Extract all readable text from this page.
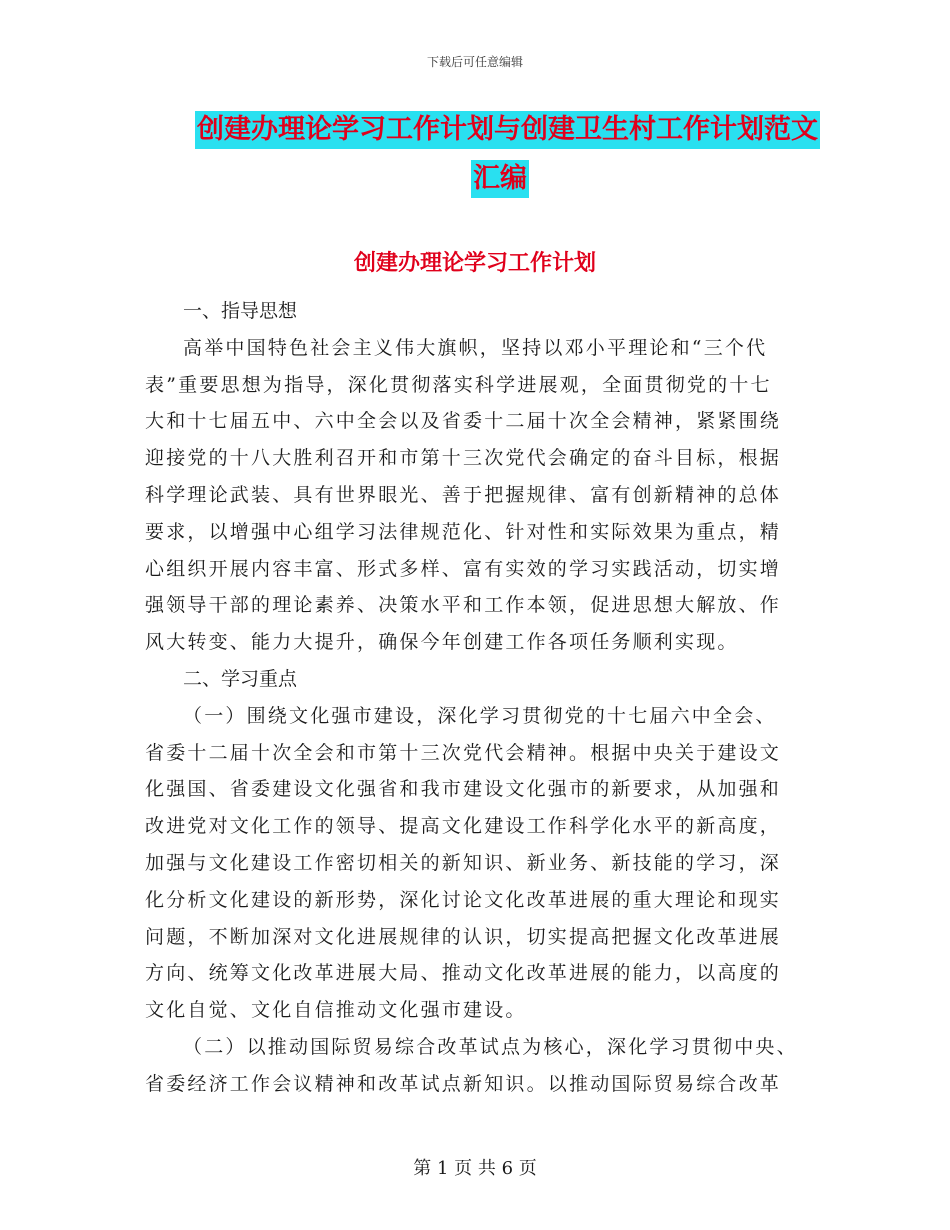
下载后可任意编辑
创建办理论学习工作计划与创建卫生村工作计划范文
汇编
创建办理论学习工作计划
一、指导思想
高举中国特色社会主义伟大旗帜，坚持以邓小平理论和“三个代
表”重要思想为指导，深化贯彻落实科学进展观，全面贯彻党的十七
大和十七届五中、六中全会以及省委十二届十次全会精神，紧紧围绕
迎接党的十八大胜利召开和市第十三次党代会确定的奋斗目标，根据
科学理论武装、具有世界眼光、善于把握规律、富有创新精神的总体
要求，以增强中心组学习法律规范化、针对性和实际效果为重点，精
心组织开展内容丰富、形式多样、富有实效的学习实践活动，切实增
强领导干部的理论素养、决策水平和工作本领，促进思想大解放、作
风大转变、能力大提升，确保今年创建工作各项任务顺利实现。
二、学习重点
（一）围绕文化强市建设，深化学习贯彻党的十七届六中全会、
省委十二届十次全会和市第十三次党代会精神。根据中央关于建设文
化强国、省委建设文化强省和我市建设文化强市的新要求，从加强和
改进党对文化工作的领导、提高文化建设工作科学化水平的新高度，
加强与文化建设工作密切相关的新知识、新业务、新技能的学习，深
化分析文化建设的新形势，深化讨论文化改革进展的重大理论和现实
问题，不断加深对文化进展规律的认识，切实提高把握文化改革进展
方向、统筹文化改革进展大局、推动文化改革进展的能力，以高度的
文化自觉、文化自信推动文化强市建设。
（二）以推动国际贸易综合改革试点为核心，深化学习贯彻中央、
省委经济工作会议精神和改革试点新知识。以推动国际贸易综合改革
第 1 页 共 6 页
